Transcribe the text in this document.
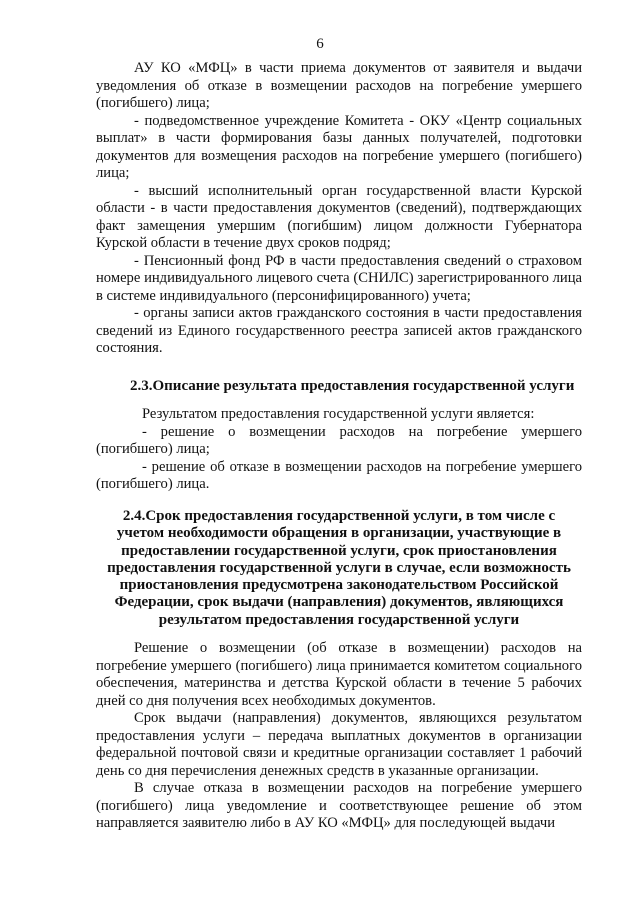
6

АУ КО «МФЦ» в части приема документов от заявителя и выдачи уведомления об отказе в возмещении расходов на погребение умершего (погибшего) лица;

- подведомственное учреждение Комитета - ОКУ «Центр социальных выплат» в части формирования базы данных получателей, подготовки документов для возмещения расходов на погребение умершего (погибшего) лица;

- высший исполнительный орган государственной власти Курской области - в части предоставления документов (сведений), подтверждающих факт замещения умершим (погибшим) лицом должности Губернатора Курской области в течение двух сроков подряд;

- Пенсионный фонд РФ в части предоставления сведений о страховом номере индивидуального лицевого счета (СНИЛС) зарегистрированного лица в системе индивидуального (персонифицированного) учета;

- органы записи актов гражданского состояния в части предоставления сведений из Единого государственного реестра записей актов гражданского состояния.

2.3.Описание результата предоставления государственной услуги

Результатом предоставления государственной услуги является:

- решение о возмещении расходов на погребение умершего (погибшего) лица;

- решение об отказе в возмещении расходов на погребение умершего (погибшего) лица.

2.4.Срок предоставления государственной услуги, в том числе с
учетом необходимости обращения в организации, участвующие в
предоставлении государственной услуги, срок приостановления
предоставления государственной услуги в случае, если возможность
приостановления предусмотрена законодательством Российской
Федерации, срок выдачи (направления) документов, являющихся
результатом предоставления государственной услуги

Решение о возмещении (об отказе в возмещении) расходов на погребение умершего (погибшего) лица принимается комитетом социального обеспечения, материнства и детства Курской области в течение 5 рабочих дней со дня получения всех необходимых документов.

Срок выдачи (направления) документов, являющихся результатом предоставления услуги – передача выплатных документов в организации федеральной почтовой связи и кредитные организации составляет 1 рабочий день со дня перечисления денежных средств в указанные организации.

В случае отказа в возмещении расходов на погребение умершего (погибшего) лица уведомление и соответствующее решение об этом направляется заявителю либо в АУ КО «МФЦ» для последующей выдачи
